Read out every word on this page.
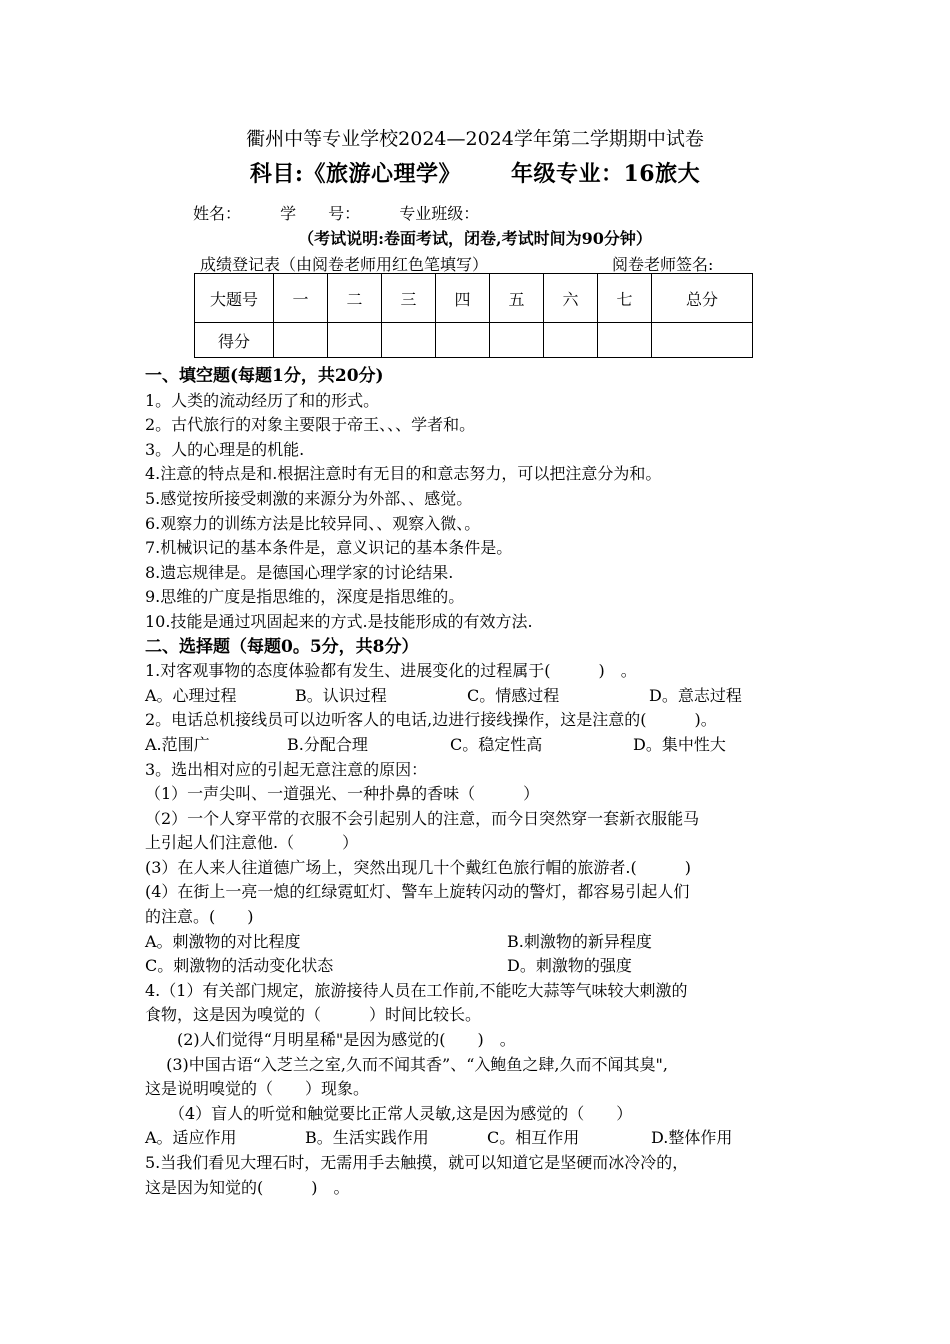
衢州中等专业学校2024—2024学年第二学期期中试卷
科目:《旅游心理学》 年级专业：16旅大
姓名： 学　　号： 专业班级：
（考试说明:卷面考试，闭卷,考试时间为90分钟）
成绩登记表（由阅卷老师用红色笔填写）	阅卷老师签名:
大题号	一	二	三	四	五	六	七	总分
得分								
一、填空题(每题1分，共20分)
1。人类的流动经历了和的形式。
2。古代旅行的对象主要限于帝王、、、学者和。
3。人的心理是的机能.
4.注意的特点是和.根据注意时有无目的和意志努力，可以把注意分为和。
5.感觉按所接受刺激的来源分为外部、、感觉。
6.观察力的训练方法是比较异同、、观察入微、。
7.机械识记的基本条件是，意义识记的基本条件是。
8.遗忘规律是。是德国心理学家的讨论结果.
9.思维的广度是指思维的，深度是指思维的。
10.技能是通过巩固起来的方式.是技能形成的有效方法.
二、选择题（每题0。5分，共8分）
1.对客观事物的态度体验都有发生、进展变化的过程属于(　　　)　。
A。心理过程	B。认识过程	C。情感过程	D。意志过程
2。电话总机接线员可以边听客人的电话,边进行接线操作，这是注意的(　　　)。
A.范围广	B.分配合理	C。稳定性高	D。集中性大
3。选出相对应的引起无意注意的原因：
（1）一声尖叫、一道强光、一种扑鼻的香味（　　　）
（2）一个人穿平常的衣服不会引起别人的注意，而今日突然穿一套新衣服能马
上引起人们注意他.（　　　）
(3）在人来人往道德广场上，突然出现几十个戴红色旅行帽的旅游者.(　　　)
(4）在街上一亮一熄的红绿霓虹灯、警车上旋转闪动的警灯，都容易引起人们
的注意。(　　)
A。刺激物的对比程度	B.刺激物的新异程度
C。刺激物的活动变化状态	D。刺激物的强度
4.（1）有关部门规定，旅游接待人员在工作前,不能吃大蒜等气味较大刺激的
食物，这是因为嗅觉的（　　　）时间比较长。
　　(2)人们觉得“月明星稀"是因为感觉的(　　)　。
　 (3)中国古语“入芝兰之室,久而不闻其香”、“入鲍鱼之肆,久而不闻其臭",
这是说明嗅觉的（　　）现象。
　　（4）盲人的听觉和触觉要比正常人灵敏,这是因为感觉的（　　）
A。适应作用	B。生活实践作用	C。相互作用	D.整体作用
5.当我们看见大理石时，无需用手去触摸，就可以知道它是坚硬而冰冷冷的，
这是因为知觉的(　　　)　。
